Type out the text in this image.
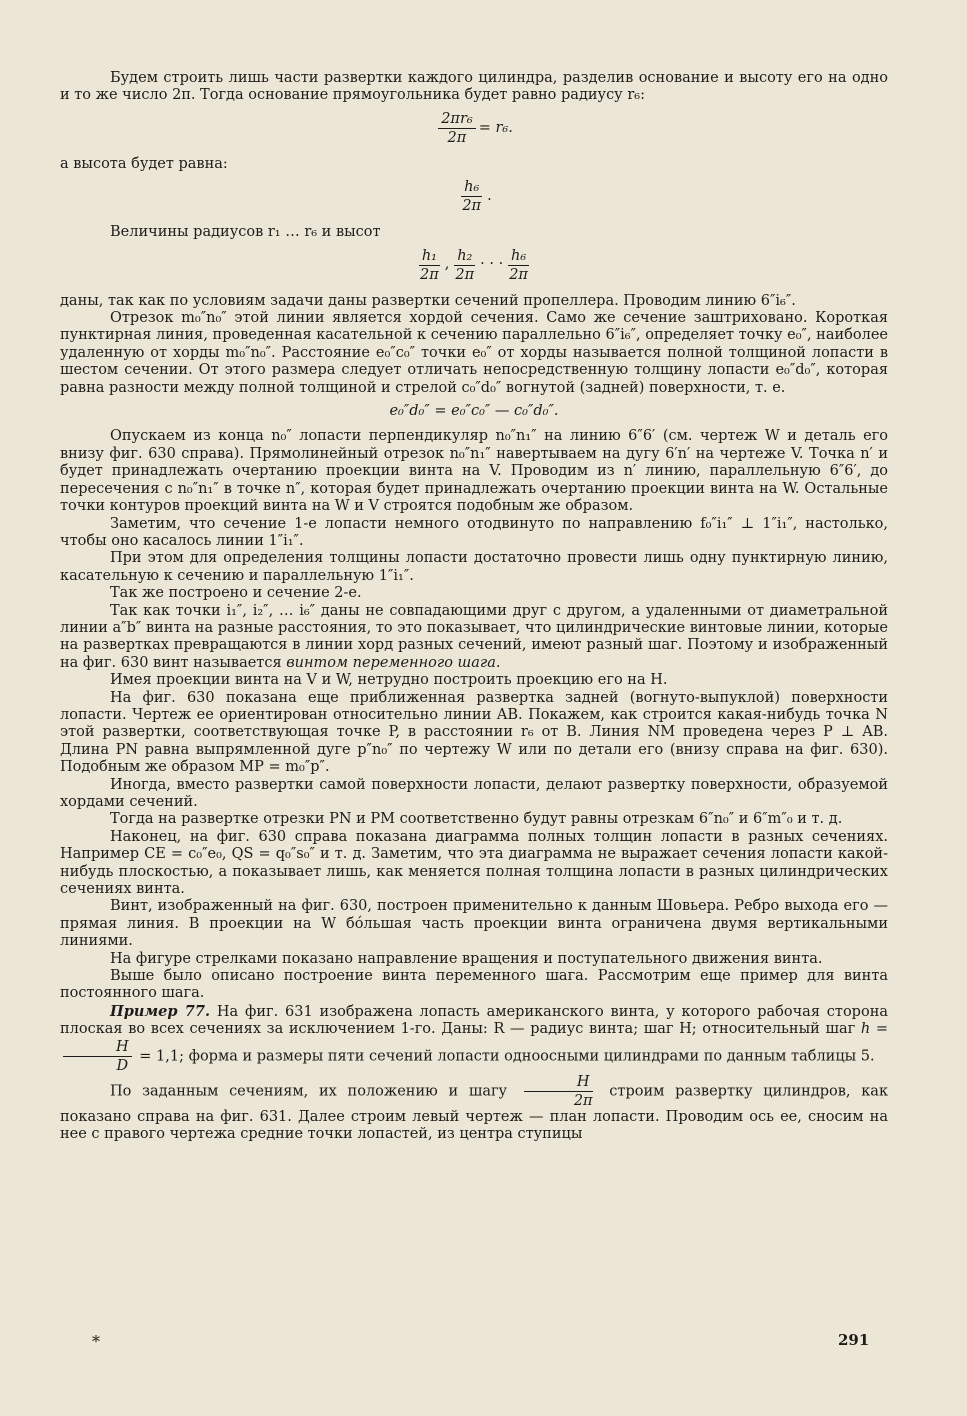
Будем строить лишь части развертки каждого цилиндра, разделив основание и высоту его на одно и то же число 2π. Тогда основание прямоугольника будет равно радиусу r₆:

$\frac{\text{2πr₆}}{2\pi} = r_6$.

а высота будет равна:

$\frac{\text{h₆}}{2\pi}$ .

Величины радиусов r₁ … r₆ и высот

$\frac{\text{h₁}}{2\pi}$ , $\frac{\text{h₂}}{2\pi}$ · · · $\frac{\text{h₆}}{2\pi}$

даны, так как по условиям задачи даны развертки сечений пропеллера. Проводим линию 6″i₆″.

Отрезок m₀″n₀″ этой линии является хордой сечения. Само же сечение заштриховано. Короткая пунктирная линия, проведенная касательной к сечению параллельно 6″i₆″, определяет точку e₀″, наиболее удаленную от хорды m₀″n₀″. Расстояние e₀″c₀″ точки e₀″ от хорды называется полной толщиной лопасти в шестом сечении. От этого размера следует отличать непосредственную толщину лопасти e₀″d₀″, которая равна разности между полной толщиной и стрелой c₀″d₀″ вогнутой (задней) поверхности, т. е.

e₀″d₀″ = e₀″c₀″ — c₀″d₀″.

Опускаем из конца n₀″ лопасти перпендикуляр n₀″n₁″ на линию 6″6′ (см. чертеж W и деталь его внизу фиг. 630 справа). Прямолинейный отрезок n₀″n₁″ навертываем на дугу 6′n′ на чертеже V. Точка n′ и будет принадлежать очертанию проекции винта на V. Проводим из n′ линию, параллельную 6″6′, до пересечения с n₀″n₁″ в точке n″, которая будет принадлежать очертанию проекции винта на W. Остальные точки контуров проекций винта на W и V строятся подобным же образом.

Заметим, что сечение 1-е лопасти немного отодвинуто по направлению f₀″i₁″ ⊥ 1″i₁″, настолько, чтобы оно касалось линии 1″i₁″.

При этом для определения толщины лопасти достаточно провести лишь одну пунктирную линию, касательную к сечению и параллельную 1″i₁″.

Так же построено и сечение 2-е.

Так как точки i₁″, i₂″, … i₆″ даны не совпадающими друг с другом, а удаленными от диаметральной линии a″b″ винта на разные расстояния, то это показывает, что цилиндрические винтовые линии, которые на развертках превращаются в линии хорд разных сечений, имеют разный шаг. Поэтому и изображенный на фиг. 630 винт называется винтом переменного шага.

Имея проекции винта на V и W, нетрудно построить проекцию его на H.

На фиг. 630 показана еще приближенная развертка задней (вогнуто-выпуклой) поверхности лопасти. Чертеж ее ориентирован относительно линии AB. Покажем, как строится какая-нибудь точка N этой развертки, соответствующая точке P, в расстоянии r₆ от B. Линия NM проведена через P ⊥ AB. Длина PN равна выпрямленной дуге p″n₀″ по чертежу W или по детали его (внизу справа на фиг. 630). Подобным же образом MP = m₀″p″.

Иногда, вместо развертки самой поверхности лопасти, делают развертку поверхности, образуемой хордами сечений.

Тогда на развертке отрезки PN и PM соответственно будут равны отрезкам 6″n₀″ и 6″m″₀ и т. д.

Наконец, на фиг. 630 справа показана диаграмма полных толщин лопасти в разных сечениях. Например CE = c₀″e₀, QS = q₀″s₀″ и т. д. Заметим, что эта диаграмма не выражает сечения лопасти какой-нибудь плоскостью, а показывает лишь, как меняется полная толщина лопасти в разных цилиндрических сечениях винта.

Винт, изображенный на фиг. 630, построен применительно к данным Шовьера. Ребро выхода его — прямая линия. В проекции на W бóльшая часть проекции винта ограничена двумя вертикальными линиями.

На фигуре стрелками показано направление вращения и поступательного движения винта.

Выше было описано построение винта переменного шага. Рассмотрим еще пример для винта постоянного шага.

Пример 77. На фиг. 631 изображена лопасть американского винта, у которого рабочая сторона плоская во всех сечениях за исключением 1-го. Даны: R — радиус винта; шаг H; относительный шаг h =
$\frac{H}{D} = 1,1$; форма и размеры пяти сечений лопасти одноосными цилиндрами по данным таблицы 5.

По заданным сечениям, их положению и шагу $\frac{H}{2\pi}$ строим развертку цилиндров, как показано справа на фиг. 631. Далее строим левый чертеж — план лопасти. Проводим ось ее, сносим на нее с правого чертежа средние точки лопастей, из центра ступицы

*	291
